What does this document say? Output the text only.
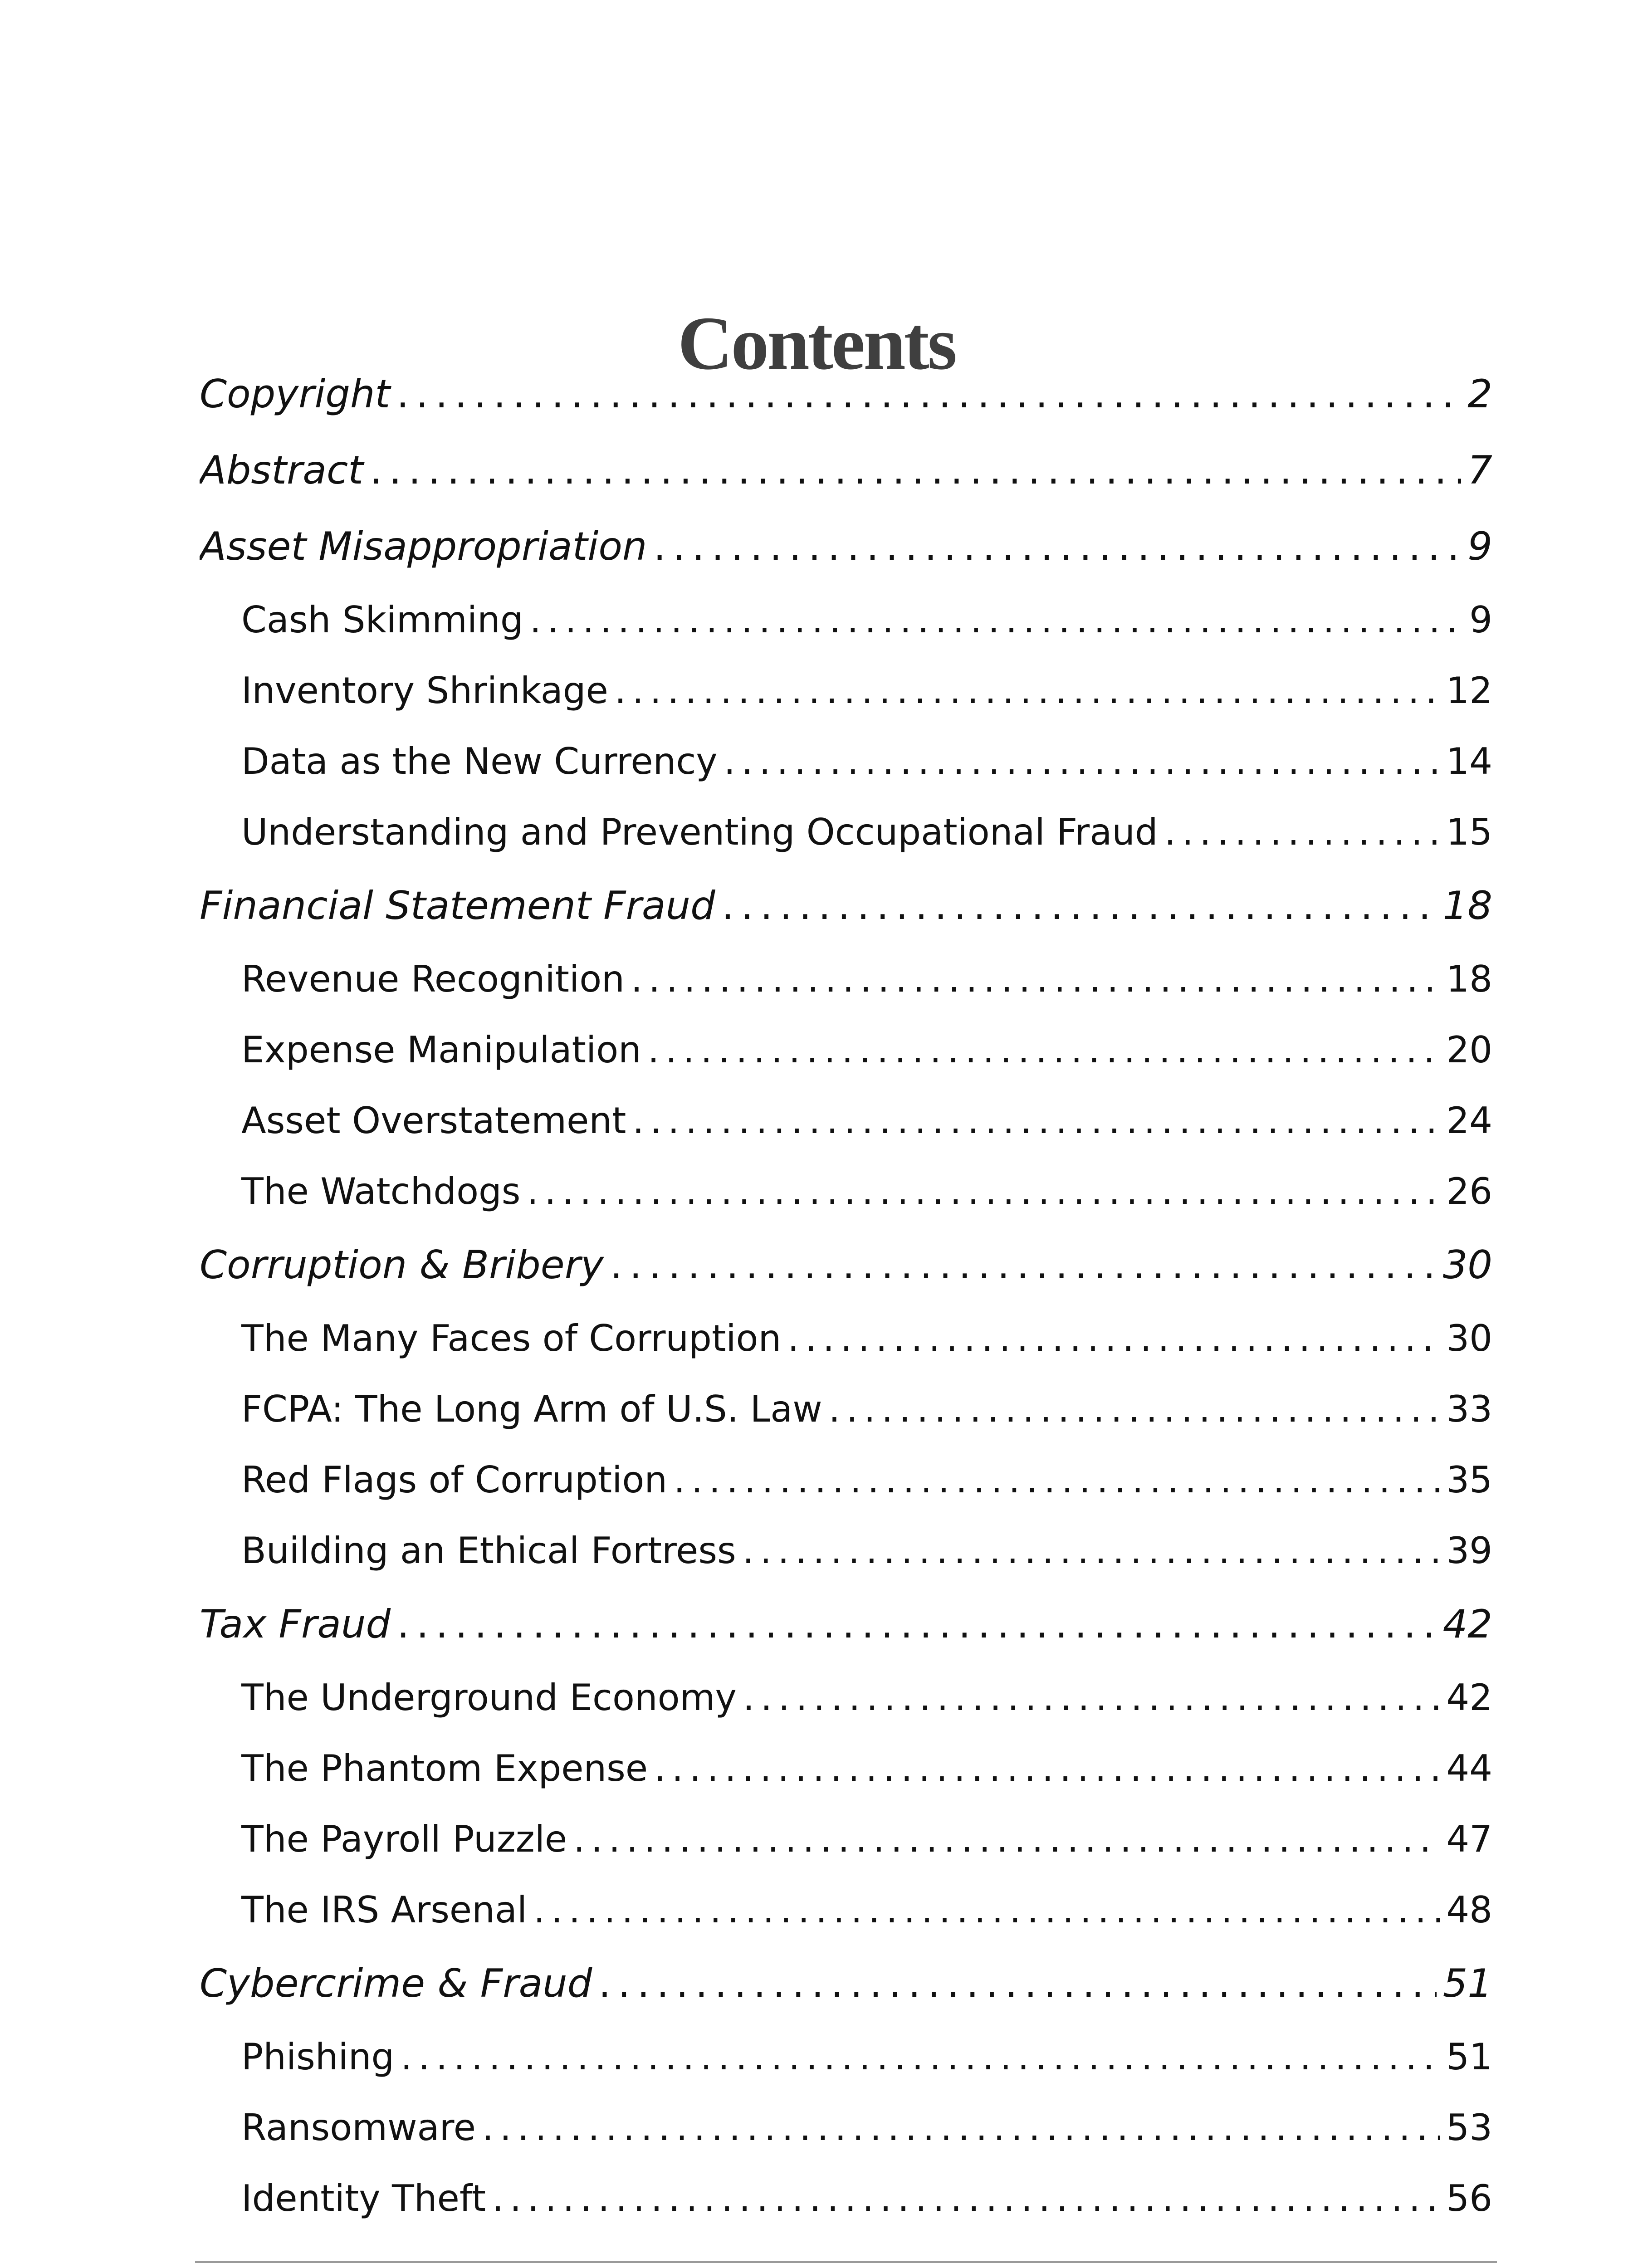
Contents
Copyright . . .	2
Abstract . . .	7
Asset Misappropriation . . .	9
Cash Skimming . . .	9
Inventory Shrinkage . . .	12
Data as the New Currency . . .	14
Understanding and Preventing Occupational Fraud . . .	15
Financial Statement Fraud . . .	18
Revenue Recognition . . .	18
Expense Manipulation . . .	20
Asset Overstatement . . .	24
The Watchdogs . . .	26
Corruption & Bribery . . .	30
The Many Faces of Corruption . . .	30
FCPA: The Long Arm of U.S. Law . . .	33
Red Flags of Corruption . . .	35
Building an Ethical Fortress . . .	39
Tax Fraud . . .	42
The Underground Economy . . .	42
The Phantom Expense . . .	44
The Payroll Puzzle . . .	47
The IRS Arsenal . . .	48
Cybercrime & Fraud . . .	51
Phishing . . .	51
Ransomware . . .	53
Identity Theft . . .	56
